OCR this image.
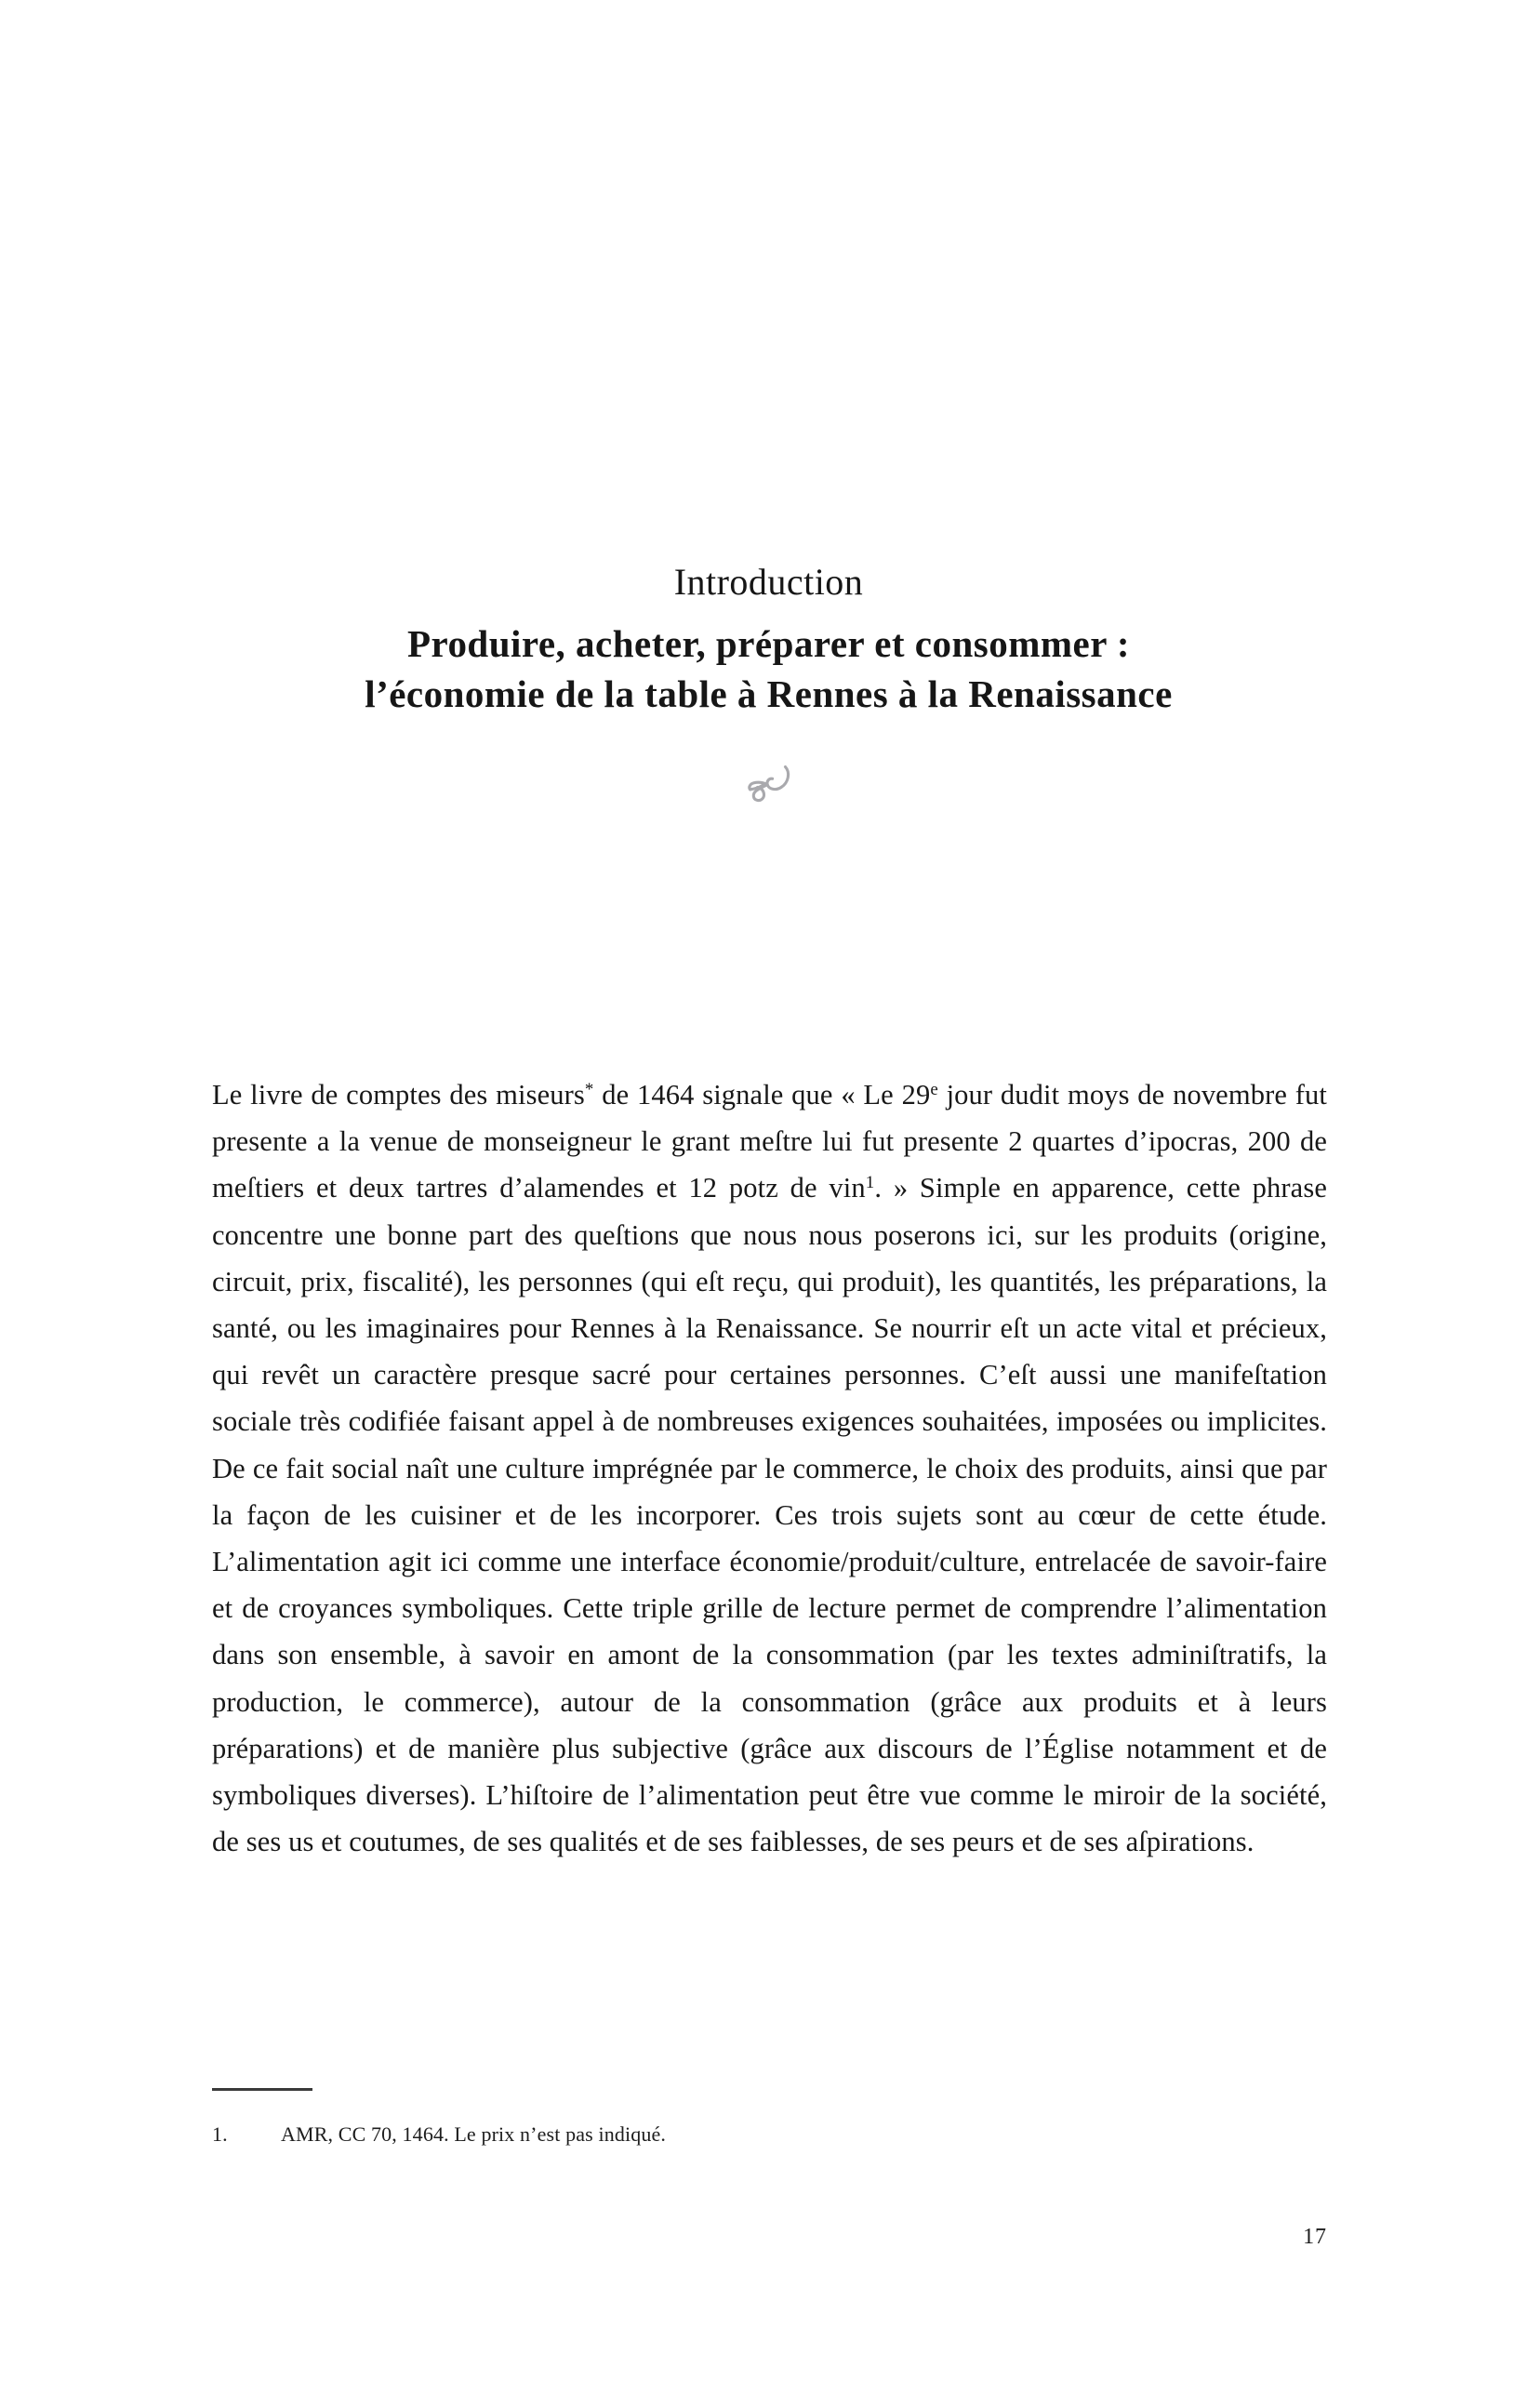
Introduction
Produire, acheter, préparer et consommer :
l’économie de la table à Rennes à la Renaissance

Le livre de comptes des miseurs* de 1464 signale que « Le 29e jour dudit moys de novembre fut presente a la venue de monseigneur le grant meſtre lui fut presente 2 quartes d’ipocras, 200 de meſtiers et deux tartres d’alamendes et 12 potz de vin$^1$. » Simple en apparence, cette phrase concentre une bonne part des queſtions que nous nous poserons ici, sur les produits (origine, circuit, prix, fiscalité), les personnes (qui eſt reçu, qui produit), les quantités, les préparations, la santé, ou les imaginaires pour Rennes à la Renaissance. Se nourrir eſt un acte vital et précieux, qui revêt un caractère presque sacré pour certaines personnes. C’eſt aussi une manifeſtation sociale très codifiée faisant appel à de nombreuses exigences souhaitées, imposées ou implicites. De ce fait social naît une culture imprégnée par le commerce, le choix des produits, ainsi que par la façon de les cuisiner et de les incorporer. Ces trois sujets sont au cœur de cette étude. L’alimentation agit ici comme une interface économie/produit/culture, entrelacée de savoir-faire et de croyances symboliques. Cette triple grille de lecture permet de comprendre l’alimentation dans son ensemble, à savoir en amont de la consommation (par les textes adminiſtratifs, la production, le commerce), autour de la consommation (grâce aux produits et à leurs préparations) et de manière plus subjective (grâce aux discours de l’Église notamment et de symboliques diverses). L’hiſtoire de l’alimentation peut être vue comme le miroir de la société, de ses us et coutumes, de ses qualités et de ses faiblesses, de ses peurs et de ses aſpirations.

1.	AMR, CC 70, 1464. Le prix n’est pas indiqué.
17
